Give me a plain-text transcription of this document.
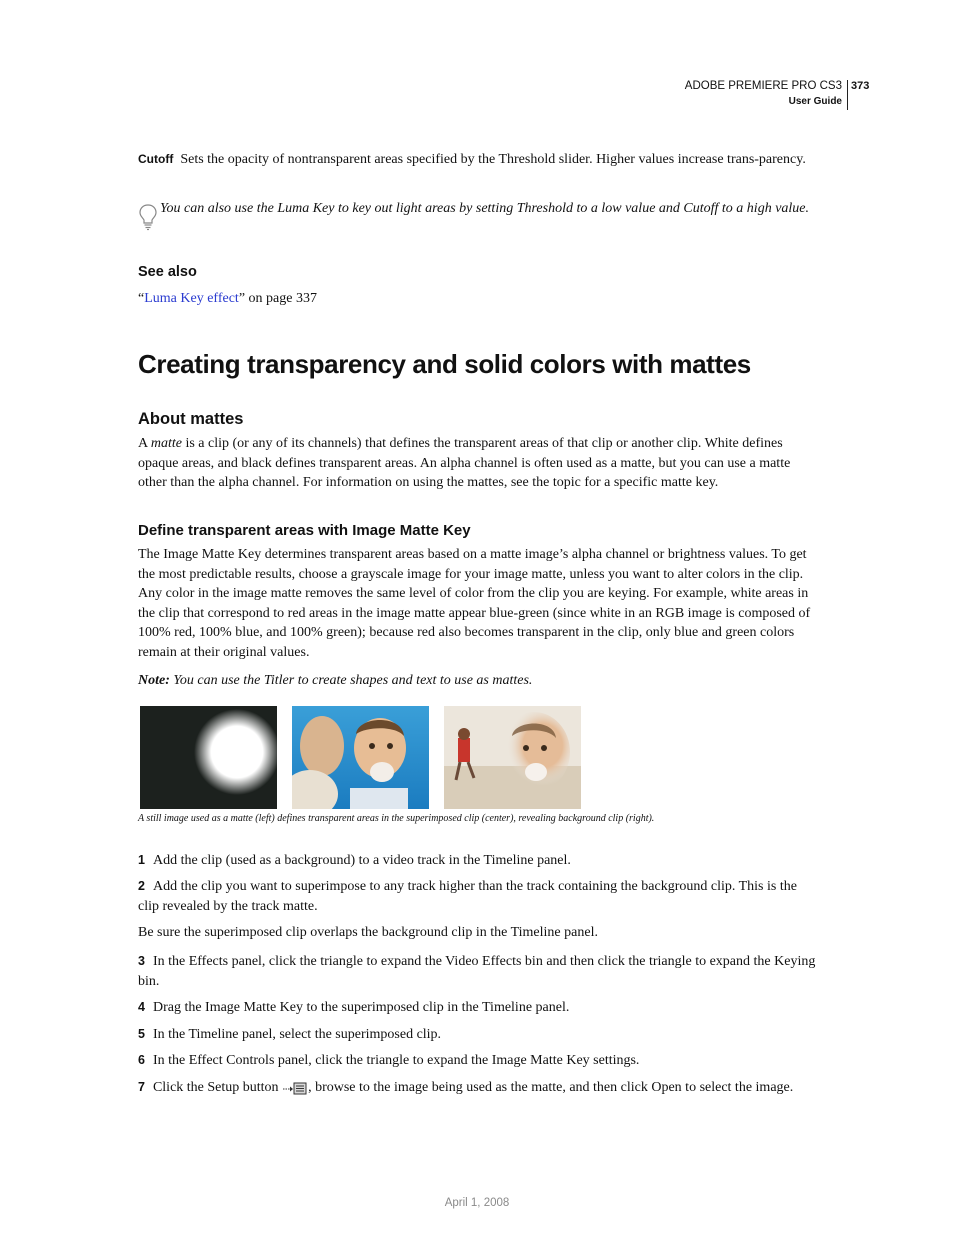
ADOBE PREMIERE PRO CS3
User Guide
373
Cutoff Sets the opacity of nontransparent areas specified by the Threshold slider. Higher values increase trans-parency.
You can also use the Luma Key to key out light areas by setting Threshold to a low value and Cutoff to a high value.
See also
“Luma Key effect” on page 337
Creating transparency and solid colors with mattes
About mattes
A matte is a clip (or any of its channels) that defines the transparent areas of that clip or another clip. White defines opaque areas, and black defines transparent areas. An alpha channel is often used as a matte, but you can use a matte other than the alpha channel. For information on using the mattes, see the topic for a specific matte key.
Define transparent areas with Image Matte Key
The Image Matte Key determines transparent areas based on a matte image’s alpha channel or brightness values. To get the most predictable results, choose a grayscale image for your image matte, unless you want to alter colors in the clip. Any color in the image matte removes the same level of color from the clip you are keying. For example, white areas in the clip that correspond to red areas in the image matte appear blue-green (since white in an RGB image is composed of 100% red, 100% blue, and 100% green); because red also becomes transparent in the clip, only blue and green colors remain at their original values.
Note: You can use the Titler to create shapes and text to use as mattes.
A still image used as a matte (left) defines transparent areas in the superimposed clip (center), revealing background clip (right).
1 Add the clip (used as a background) to a video track in the Timeline panel.
2 Add the clip you want to superimpose to any track higher than the track containing the background clip. This is the clip revealed by the track matte.
Be sure the superimposed clip overlaps the background clip in the Timeline panel.
3 In the Effects panel, click the triangle to expand the Video Effects bin and then click the triangle to expand the Keying bin.
4 Drag the Image Matte Key to the superimposed clip in the Timeline panel.
5 In the Timeline panel, select the superimposed clip.
6 In the Effect Controls panel, click the triangle to expand the Image Matte Key settings.
7 Click the Setup button , browse to the image being used as the matte, and then click Open to select the image.
April 1, 2008
